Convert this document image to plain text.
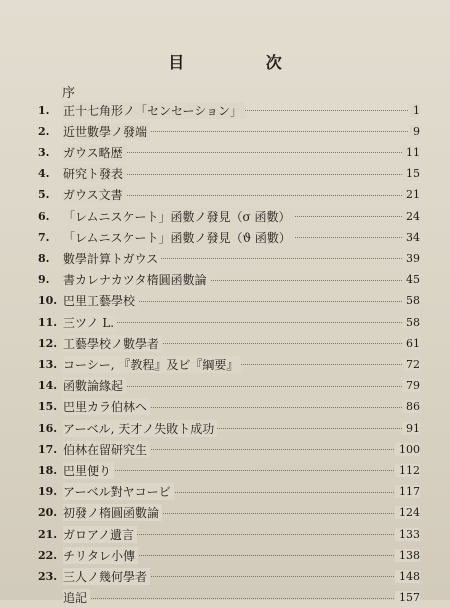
目 次
序
1.	正十七角形ノ「センセーション」	1
2.	近世數學ノ發端	9
3.	ガウス略歴	11
4.	研究ト發表	15
5.	ガウス文書	21
6.	「レムニスケート」函數ノ發見（σ 函數）	24
7.	「レムニスケート」函數ノ發見（ϑ 函數）	34
8.	數學計算トガウス	39
9.	書カレナカツタ楕圓函數論	45
10. 巴里工藝學校	58
11. 三ツノ L.	58
12. 工藝學校ノ數學者	61
13. コーシー, 『教程』及ビ『綱要』	72
14. 函數論緣起	79
15. 巴里カラ伯林ヘ	86
16. アーベル, 天才ノ失敗ト成功	91
17. 伯林在留研究生	100
18. 巴里便り	112
19. アーベル對ヤコービ	117
20. 初發ノ楕圓函數論	124
21. ガロアノ遺言	133
22. チリタレ小傳	138
23. 三人ノ幾何學者	148
追記	157
